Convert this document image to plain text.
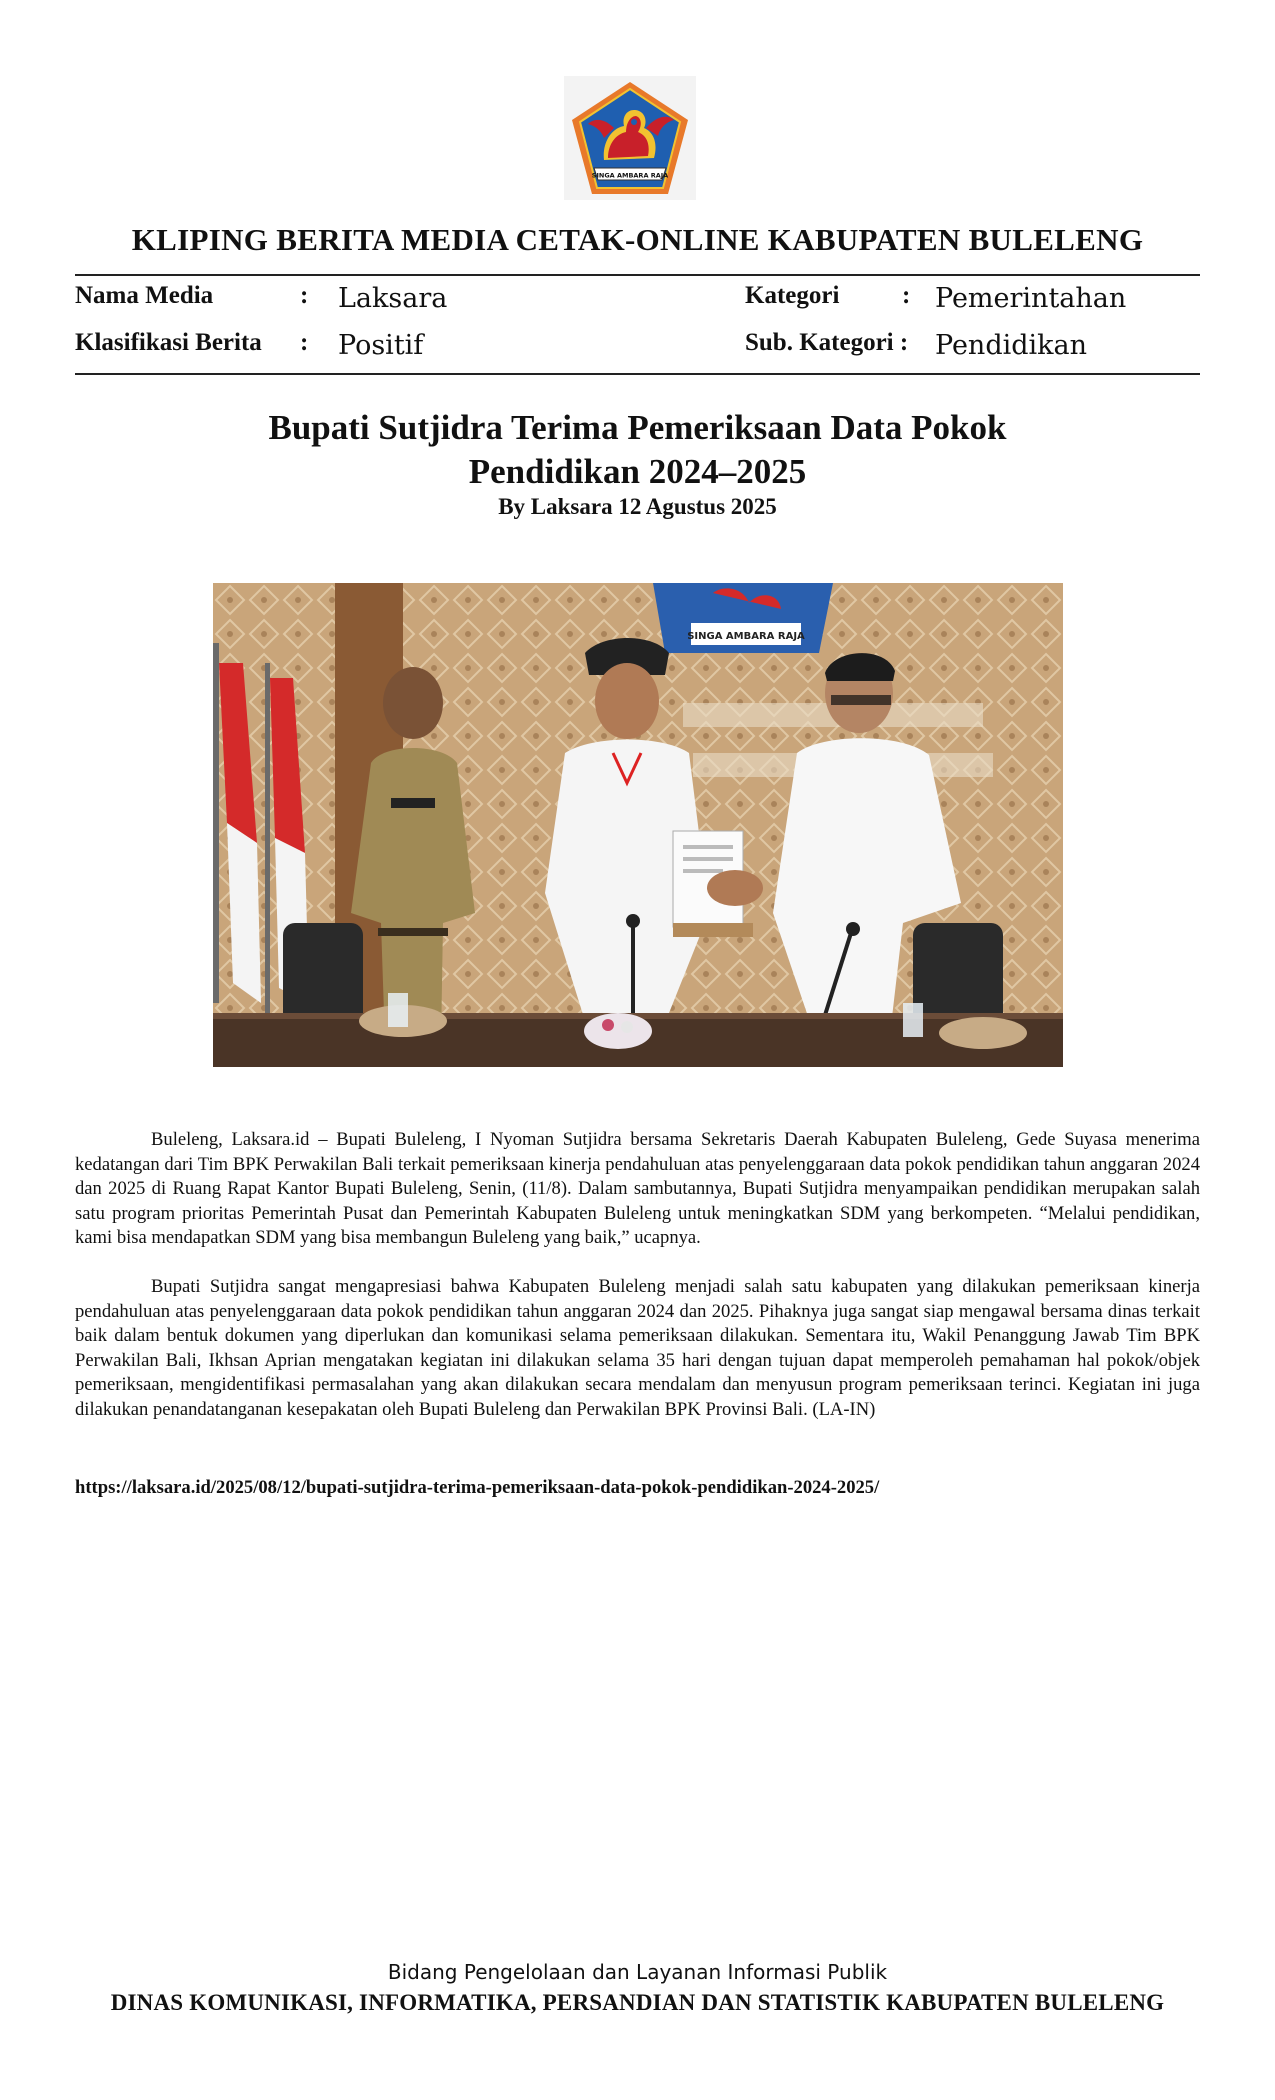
SINGA AMBARA RAJA
KLIPING BERITA MEDIA CETAK-ONLINE KABUPATEN BULELENG
Nama Media	: Laksara
Klasifikasi Berita : Positif
Kategori	: Pemerintahan
Sub. Kategori : Pendidikan
Bupati Sutjidra Terima Pemeriksaan Data Pokok
Pendidikan 2024–2025
By Laksara 12 Agustus 2025
SINGA AMBARA RAJA

Buleleng, Laksara.id – Bupati Buleleng, I Nyoman Sutjidra bersama Sekretaris Daerah Kabupaten Buleleng, Gede Suyasa menerima kedatangan dari Tim BPK Perwakilan Bali terkait pemeriksaan kinerja pendahuluan atas penyelenggaraan data pokok pendidikan tahun anggaran 2024 dan 2025 di Ruang Rapat Kantor Bupati Buleleng, Senin, (11/8). Dalam sambutannya, Bupati Sutjidra menyampaikan pendidikan merupakan salah satu program prioritas Pemerintah Pusat dan Pemerintah Kabupaten Buleleng untuk meningkatkan SDM yang berkompeten. “Melalui pendidikan, kami bisa mendapatkan SDM yang bisa membangun Buleleng yang baik,” ucapnya.

Bupati Sutjidra sangat mengapresiasi bahwa Kabupaten Buleleng menjadi salah satu kabupaten yang dilakukan pemeriksaan kinerja pendahuluan atas penyelenggaraan data pokok pendidikan tahun anggaran 2024 dan 2025. Pihaknya juga sangat siap mengawal bersama dinas terkait baik dalam bentuk dokumen yang diperlukan dan komunikasi selama pemeriksaan dilakukan. Sementara itu, Wakil Penanggung Jawab Tim BPK Perwakilan Bali, Ikhsan Aprian mengatakan kegiatan ini dilakukan selama 35 hari dengan tujuan dapat memperoleh pemahaman hal pokok/objek pemeriksaan, mengidentifikasi permasalahan yang akan dilakukan secara mendalam dan menyusun program pemeriksaan terinci. Kegiatan ini juga dilakukan penandatanganan kesepakatan oleh Bupati Buleleng dan Perwakilan BPK Provinsi Bali. (LA-IN)

https://laksara.id/2025/08/12/bupati-sutjidra-terima-pemeriksaan-data-pokok-pendidikan-2024-2025/
Bidang Pengelolaan dan Layanan Informasi Publik
DINAS KOMUNIKASI, INFORMATIKA, PERSANDIAN DAN STATISTIK KABUPATEN BULELENG
